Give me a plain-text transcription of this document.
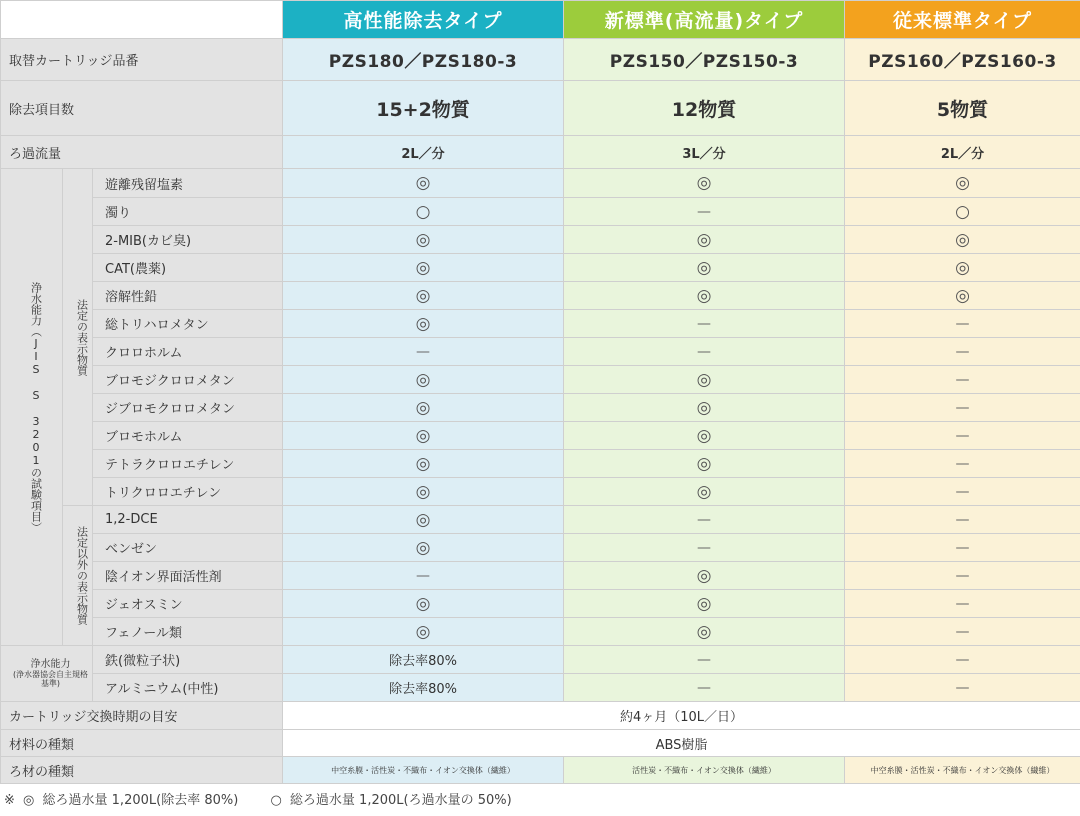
			高性能除去タイプ	新標準(高流量)タイプ	従来標準タイプ
取替カートリッジ品番			PZS180／PZS180-3	PZS150／PZS150-3	PZS160／PZS160-3
除去項目数			15+2物質	12物質	5物質
ろ過流量			2L／分	3L／分	2L／分

浄水能力（JIS S 3201の試験項目）	法定の表示物質	遊離残留塩素	◎	◎	◎
		濁り	○	—	○
		2-MIB(カビ臭)	◎	◎	◎
		CAT(農薬)	◎	◎	◎
		溶解性鉛	◎	◎	◎
		総トリハロメタン	◎	—	—
		クロロホルム	—	—	—
		ブロモジクロロメタン	◎	◎	—
		ジブロモクロロメタン	◎	◎	—
		ブロモホルム	◎	◎	—
		テトラクロロエチレン	◎	◎	—
		トリクロロエチレン	◎	◎	—

	法定以外の表示物質	1,2-DCE	◎	—	—
		ベンゼン	◎	—	—
		陰イオン界面活性剤	—	◎	—
		ジェオスミン	◎	◎	—
		フェノール類	◎	◎	—

浄水能力
(浄水器協会自主規格基準)		鉄(微粒子状)	除去率80%	—	—
		アルミニウム(中性)	除去率80%	—	—
カートリッジ交換時期の目安			約4ヶ月（10L／日）		
材料の種類			ABS樹脂		
ろ材の種類			中空糸膜・活性炭・不織布・イオン交換体（繊維）	活性炭・不織布・イオン交換体（繊維）	中空糸膜・活性炭・不織布・イオン交換体（繊維）
※ ◎ 総ろ過水量 1,200L(除去率 80%) ○ 総ろ過水量 1,200L(ろ過水量の 50%)
